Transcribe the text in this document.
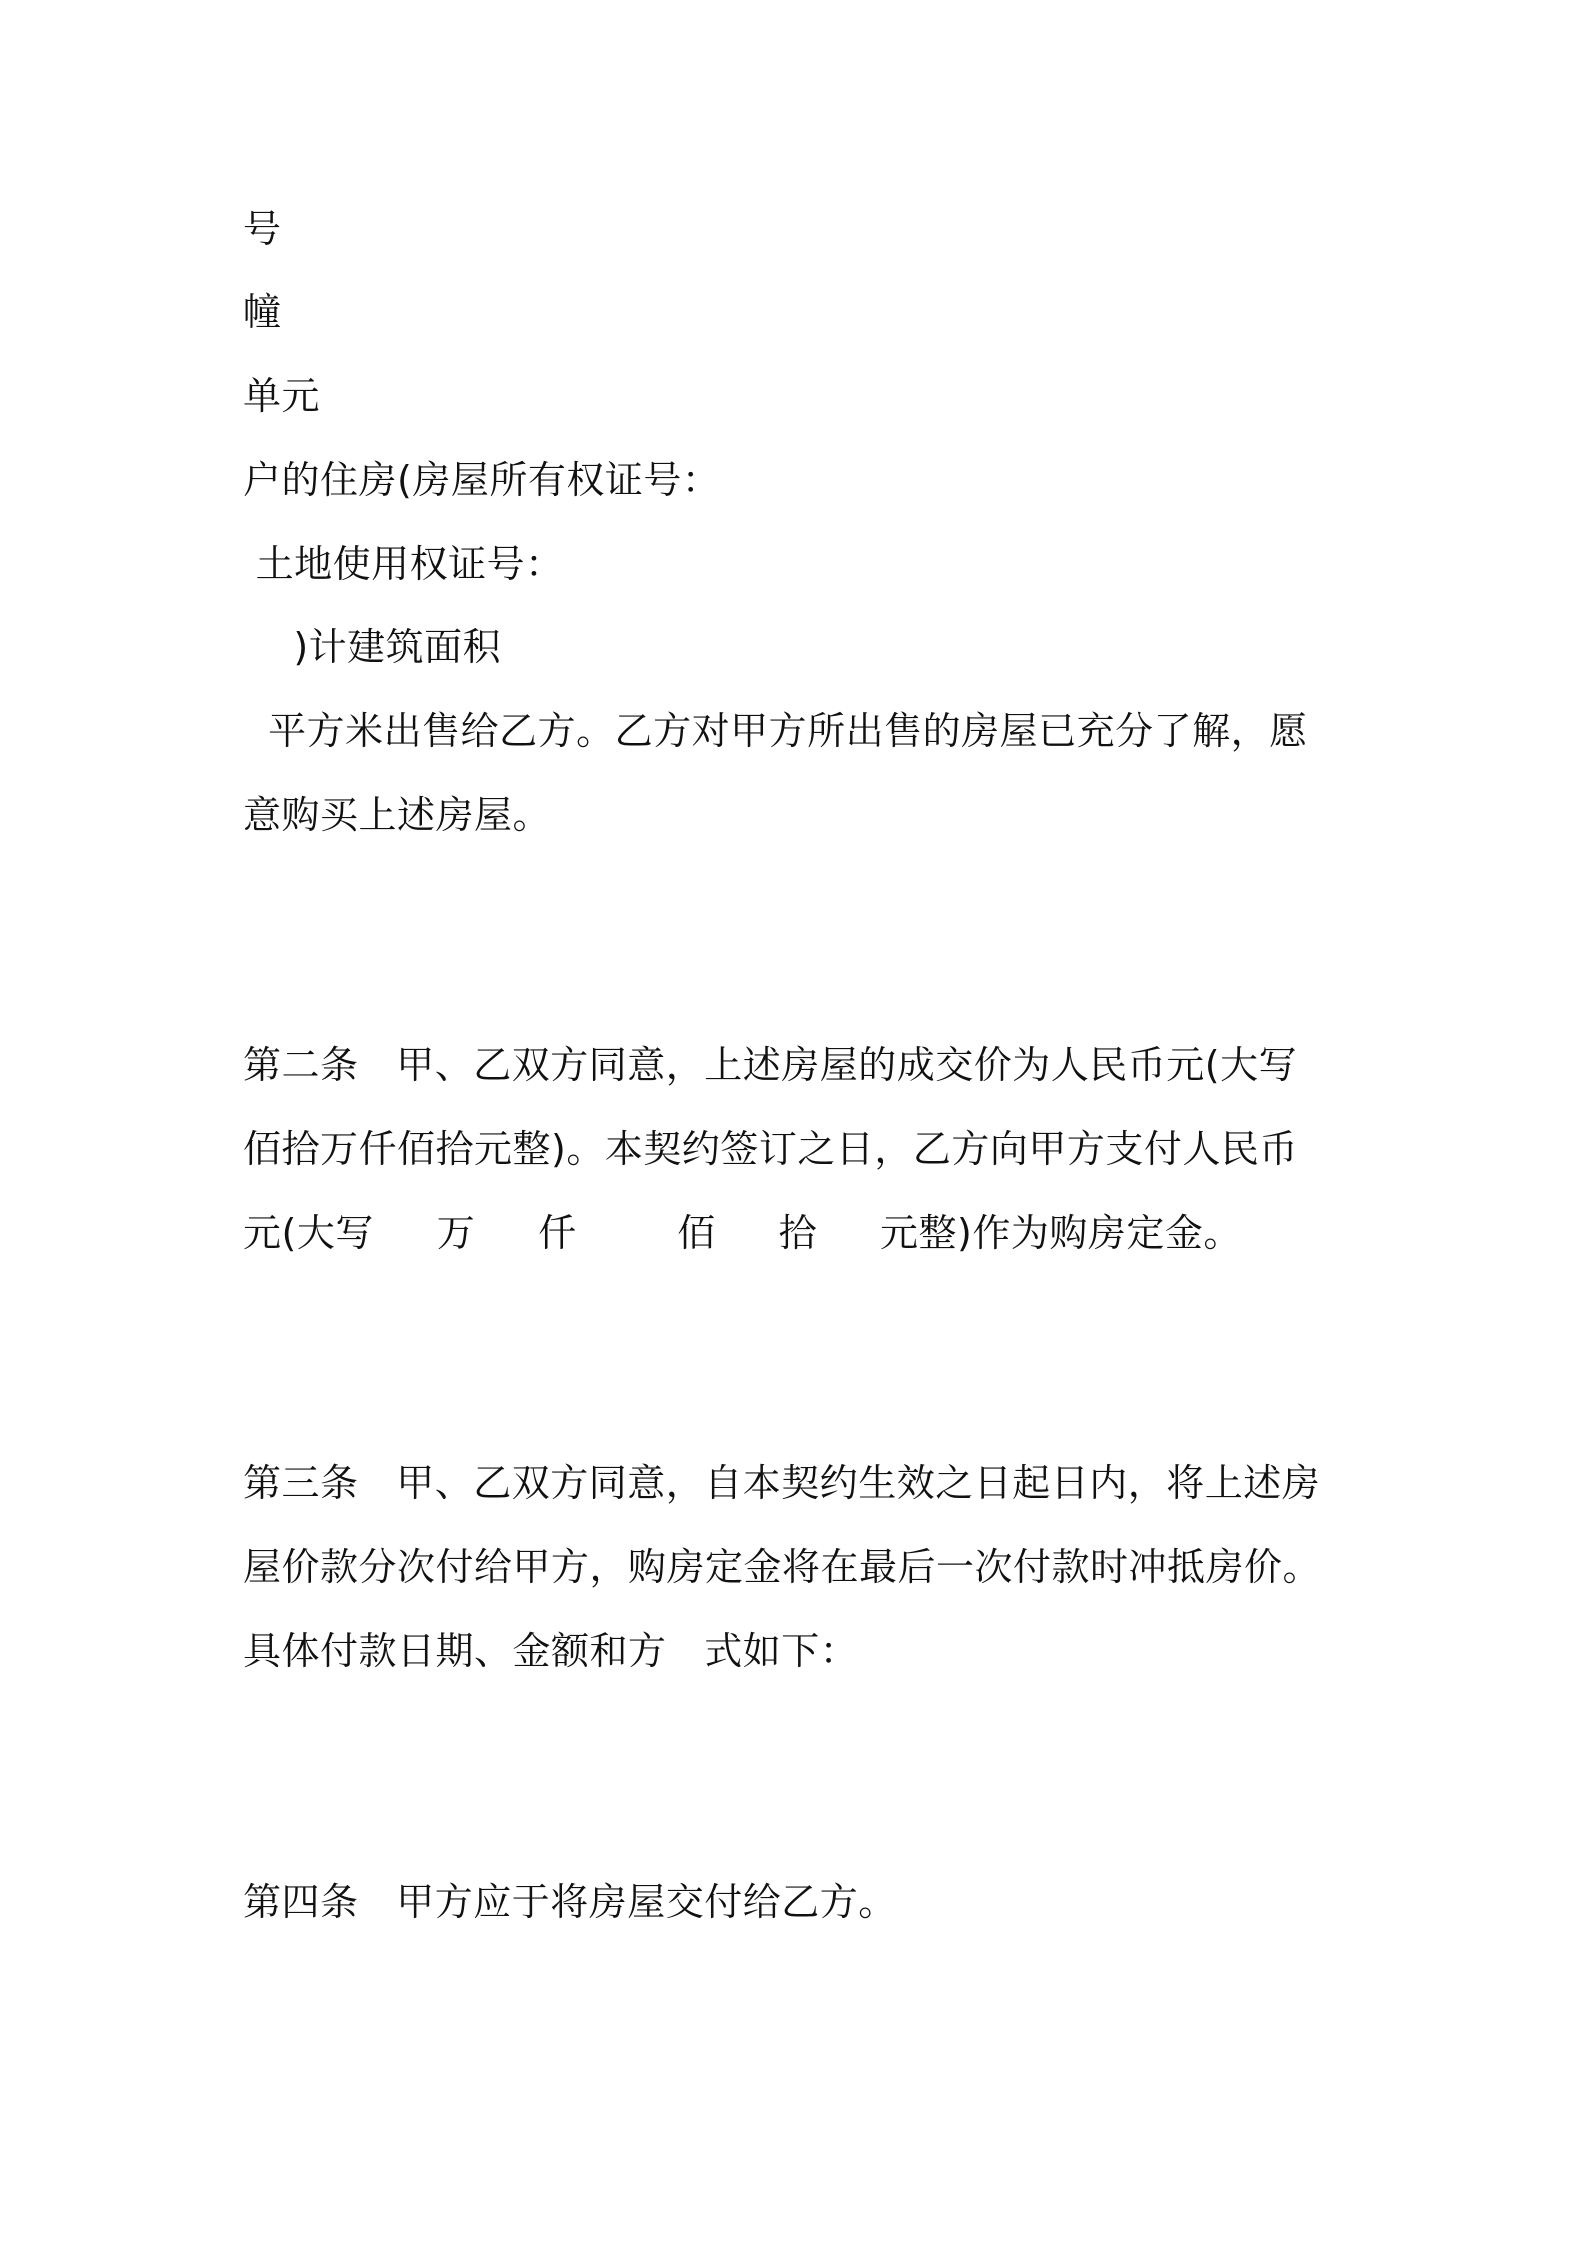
号
幢
单元
户的住房(房屋所有权证号：
土地使用权证号：
)计建筑面积
平方米出售给乙方。乙方对甲方所出售的房屋已充分了解，愿
意购买上述房屋。
第二条   甲、乙双方同意，上述房屋的成交价为人民币元(大写
佰拾万仟佰拾元整)。本契约签订之日，乙方向甲方支付人民币
元(大写     万     仟        佰     拾     元整)作为购房定金。
第三条   甲、乙双方同意，自本契约生效之日起日内，将上述房
屋价款分次付给甲方，购房定金将在最后一次付款时冲抵房价。
具体付款日期、金额和方   式如下：
第四条   甲方应于将房屋交付给乙方。
